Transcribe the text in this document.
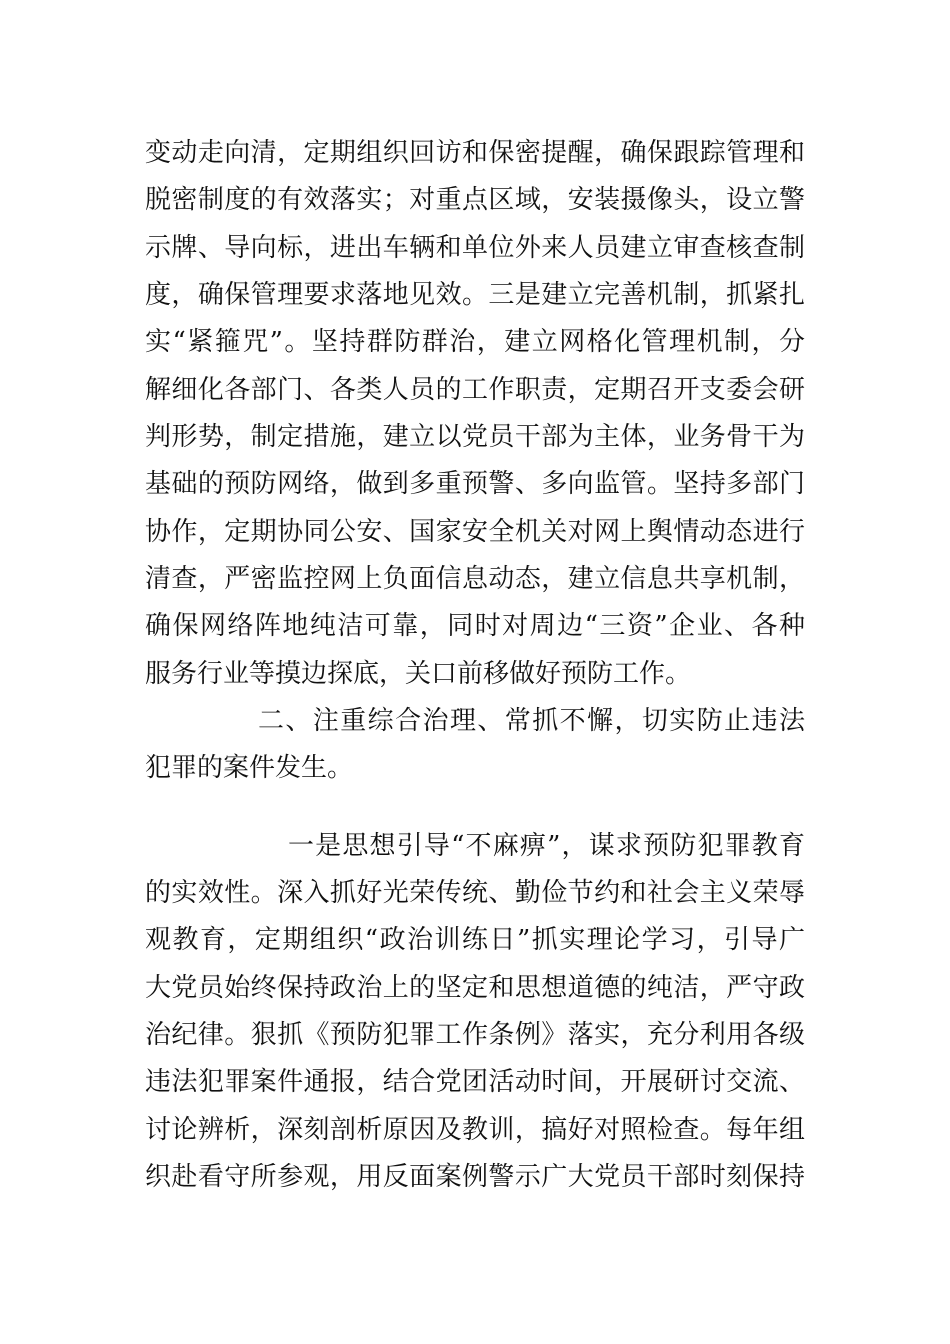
变动走向清，定期组织回访和保密提醒，确保跟踪管理和
脱密制度的有效落实；对重点区域，安装摄像头，设立警
示牌、导向标，进出车辆和单位外来人员建立审查核查制
度，确保管理要求落地见效。三是建立完善机制，抓紧扎
实“紧箍咒”。坚持群防群治，建立网格化管理机制，分
解细化各部门、各类人员的工作职责，定期召开支委会研
判形势，制定措施，建立以党员干部为主体，业务骨干为
基础的预防网络，做到多重预警、多向监管。坚持多部门
协作，定期协同公安、国家安全机关对网上舆情动态进行
清查，严密监控网上负面信息动态，建立信息共享机制，
确保网络阵地纯洁可靠，同时对周边“三资”企业、各种
服务行业等摸边探底，关口前移做好预防工作。
二、注重综合治理、常抓不懈，切实防止违法
犯罪的案件发生。
一是思想引导“不麻痹”，谋求预防犯罪教育
的实效性。深入抓好光荣传统、勤俭节约和社会主义荣辱
观教育，定期组织“政治训练日”抓实理论学习，引导广
大党员始终保持政治上的坚定和思想道德的纯洁，严守政
治纪律。狠抓《预防犯罪工作条例》落实，充分利用各级
违法犯罪案件通报，结合党团活动时间，开展研讨交流、
讨论辨析，深刻剖析原因及教训，搞好对照检查。每年组
织赴看守所参观，用反面案例警示广大党员干部时刻保持
